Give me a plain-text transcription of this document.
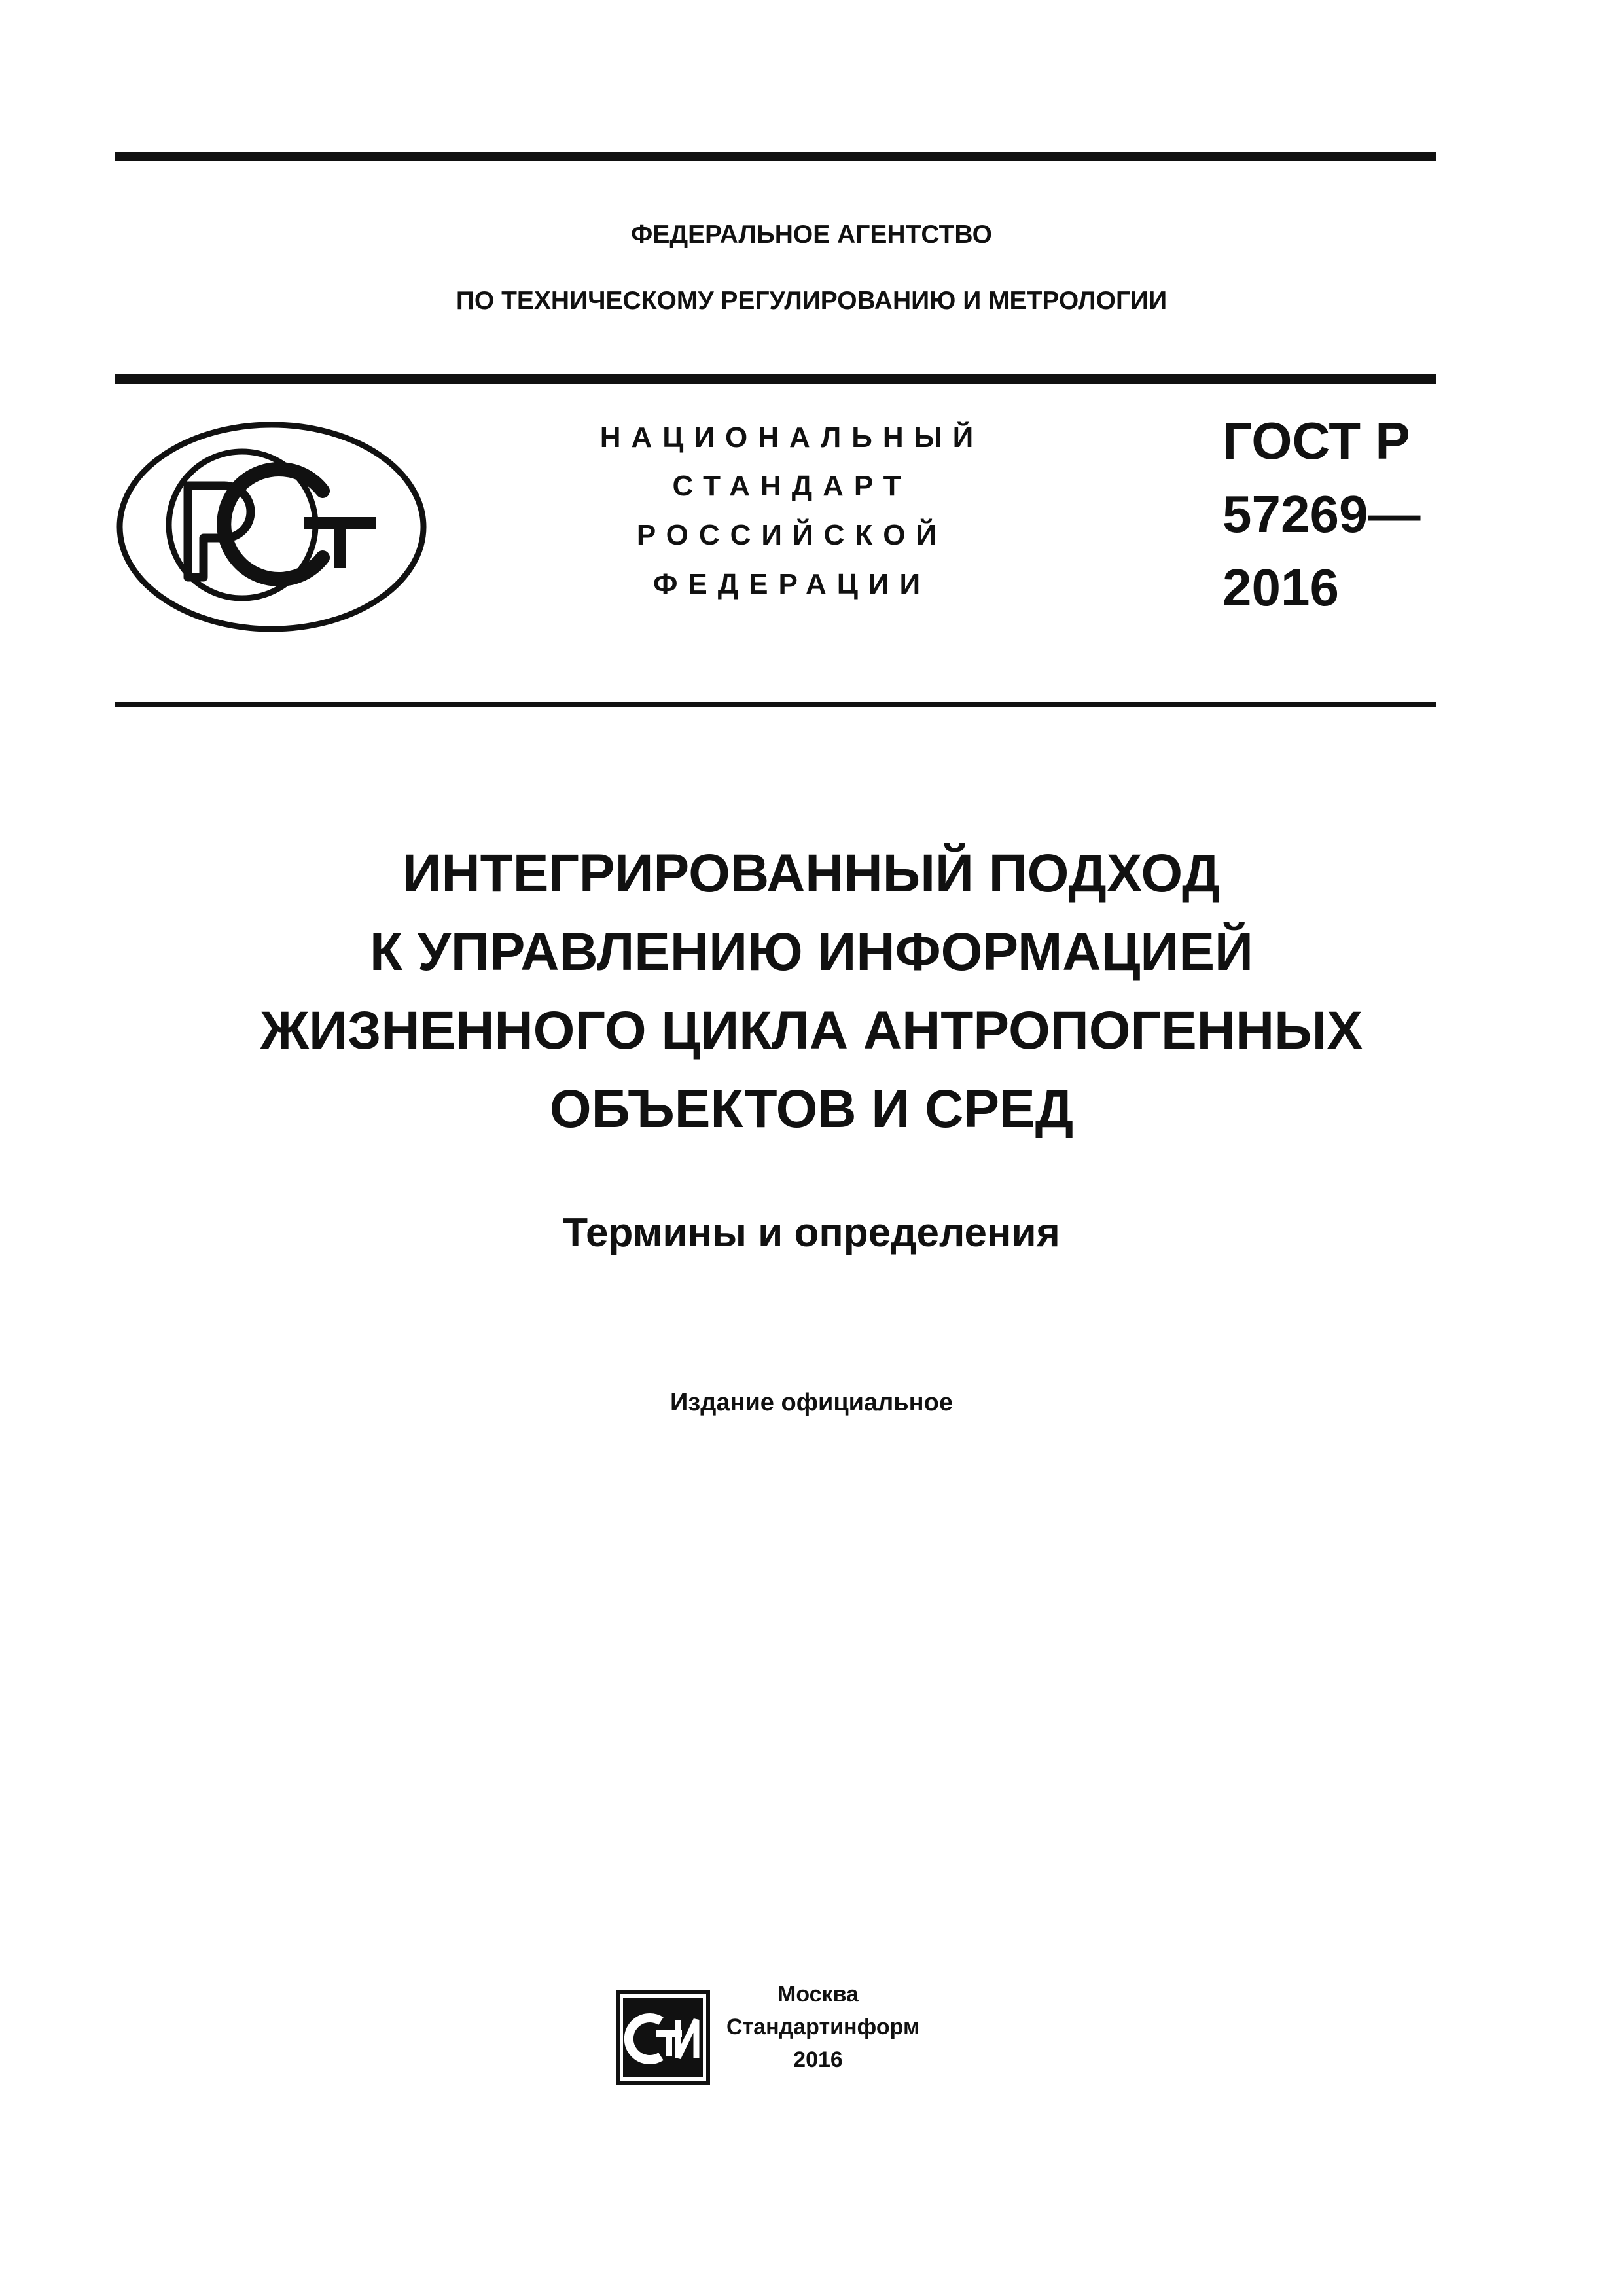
ФЕДЕРАЛЬНОЕ АГЕНТСТВО
ПО ТЕХНИЧЕСКОМУ РЕГУЛИРОВАНИЮ И МЕТРОЛОГИИ
НАЦИОНАЛЬНЫЙ
СТАНДАРТ
РОССИЙСКОЙ
ФЕДЕРАЦИИ
ГОСТ Р
57269—
2016
ИНТЕГРИРОВАННЫЙ ПОДХОД
К УПРАВЛЕНИЮ ИНФОРМАЦИЕЙ
ЖИЗНЕННОГО ЦИКЛА АНТРОПОГЕННЫХ
ОБЪЕКТОВ И СРЕД
Термины и определения
Издание официальное
Москва
Стандартинформ
2016
